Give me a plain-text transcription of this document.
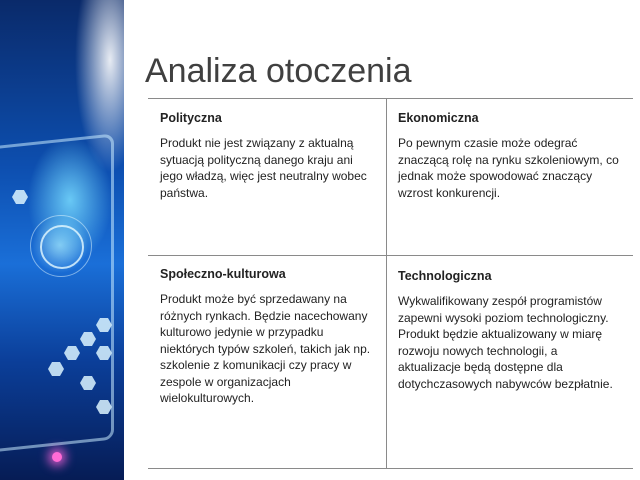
Analiza otoczenia
Polityczna

Produkt nie jest związany z aktualną sytuacją polityczną danego kraju ani jego władzą, więc jest neutralny wobec państwa.

Ekonomiczna

Po pewnym czasie może odegrać znaczącą rolę na rynku szkoleniowym, co jednak może spowodować znaczący wzrost konkurencji.

Społeczno-kulturowa

Produkt może być sprzedawany na różnych rynkach. Będzie nacechowany kulturowo jedynie w przypadku niektórych typów szkoleń, takich jak np. szkolenie z komunikacji czy pracy w zespole w organizacjach wielokulturowych.

Technologiczna

Wykwalifikowany zespół programistów zapewni wysoki poziom technologiczny. Produkt będzie aktualizowany w miarę rozwoju nowych technologii, a aktualizacje będą dostępne dla dotychczasowych nabywców bezpłatnie.
